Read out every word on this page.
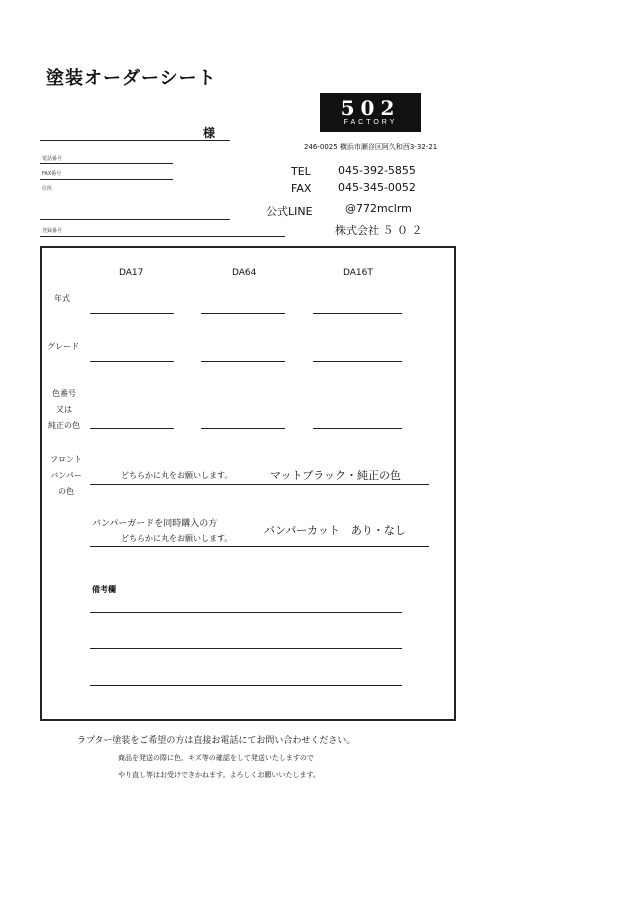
塗装オーダーシート
様
電話番号
FAX番号
住所
登録番号
502
FACTORY
246-0025 横浜市瀬谷区阿久和西3-32-21
TEL 045-392-5855
FAX 045-345-0052
公式LINE	@772mclrm
株式会社 ５ ０ ２
DA17	DA64	DA16T
年式
グレード
色番号
又は
純正の色
フロント
バンパー
の色
どちらかに丸をお願いします。	マットブラック・純正の色
バンパーガードを同時購入の方
どちらかに丸をお願いします。
バンパーカット　あり・なし
備考欄
ラプター塗装をご希望の方は直接お電話にてお問い合わせください。
商品を発送の際に色、キズ等の確認をして発送いたしますので
やり直し等はお受けできかねます。よろしくお願いいたします。
